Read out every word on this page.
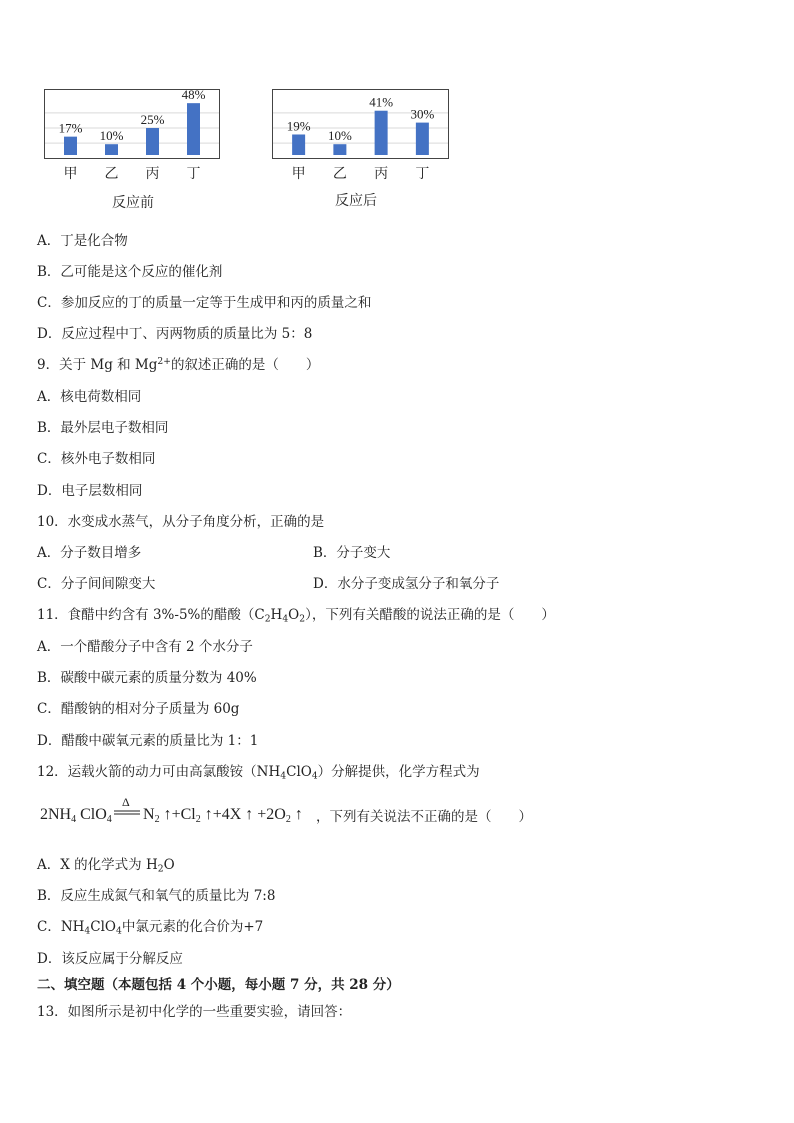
17%
甲
10%
乙
25%
丙
48%
丁
反应前
19%
甲
10%
乙
41%
丙
30%
丁
反应后
A．丁是化合物
B．乙可能是这个反应的催化剂
C．参加反应的丁的质量一定等于生成甲和丙的质量之和
D．反应过程中丁、丙两物质的质量比为 5：8
9．关于 Mg 和 $Mg^{2+}$的叙述正确的是（　　）
A．核电荷数相同
B．最外层电子数相同
C．核外电子数相同
D．电子层数相同
10．水变成水蒸气，从分子角度分析，正确的是
A．分子数目增多	B．分子变大
C．分子间间隙变大	D．水分子变成氢分子和氧分子
11．食醋中约含有 3%-5%的醋酸$(C_2H_4O_2)$，下列有关醋酸的说法正确的是（　　）
A．一个醋酸分子中含有 2 个水分子
B．碳酸中碳元素的质量分数为 40%
C．醋酸钠的相对分子质量为 60g
D．醋酸中碳氧元素的质量比为 1：1
12．运载火箭的动力可由高氯酸铵$(NH_4ClO_4)$分解提供，化学方程式为
2NH4 ClO4
Δ
N2 ↑+Cl2 ↑+4X ↑ +2O2 ↑ ，下列有关说法不正确的是（　　）
A．X 的化学式为 $H_2O$
B．反应生成氮气和氧气的质量比为 7:8
C．$NH_4ClO_4$中氯元素的化合价为+7
D．该反应属于分解反应
二、填空题（本题包括 4 个小题，每小题 7 分，共 28 分）
13．如图所示是初中化学的一些重要实验，请回答：
